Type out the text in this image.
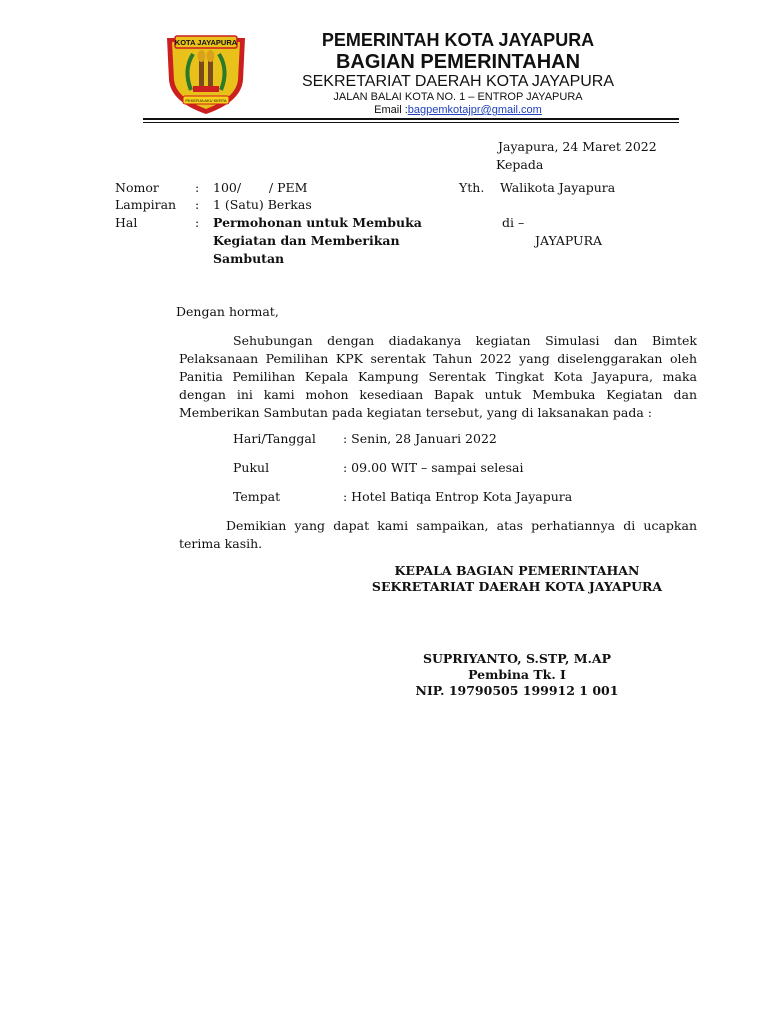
KOTA JAYAPURA
PEKERJA AKU KERTA
PEMERINTAH KOTA JAYAPURA
BAGIAN PEMERINTAHAN
SEKRETARIAT DAERAH KOTA JAYAPURA
JALAN BALAI KOTA NO. 1 – ENTROP JAYAPURA
Email :bagpemkotajpr@gmail.com
Jayapura, 24 Maret 2022
Kepada
Nomor	: 100/       / PEM
Lampiran : 1 (Satu) Berkas
Hal	: Permohonan untuk Membuka
Kegiatan dan Memberikan
Sambutan
Yth. Walikota Jayapura
di –
JAYAPURA
Dengan hormat,
Sehubungan dengan diadakanya kegiatan Simulasi dan Bimtek
Pelaksanaan Pemilihan KPK serentak Tahun 2022 yang diselenggarakan oleh
Panitia Pemilihan Kepala Kampung Serentak Tingkat Kota Jayapura, maka
dengan ini kami mohon kesediaan Bapak untuk Membuka Kegiatan dan
Memberikan Sambutan pada kegiatan tersebut, yang di laksanakan pada :
Hari/Tanggal : Senin, 28 Januari 2022
Pukul	: 09.00 WIT – sampai selesai
Tempat	: Hotel Batiqa Entrop Kota Jayapura
Demikian yang dapat kami sampaikan, atas perhatiannya di ucapkan
terima kasih.
KEPALA BAGIAN PEMERINTAHAN
SEKRETARIAT DAERAH KOTA JAYAPURA
SUPRIYANTO, S.STP, M.AP
Pembina Tk. I
NIP. 19790505 199912 1 001
